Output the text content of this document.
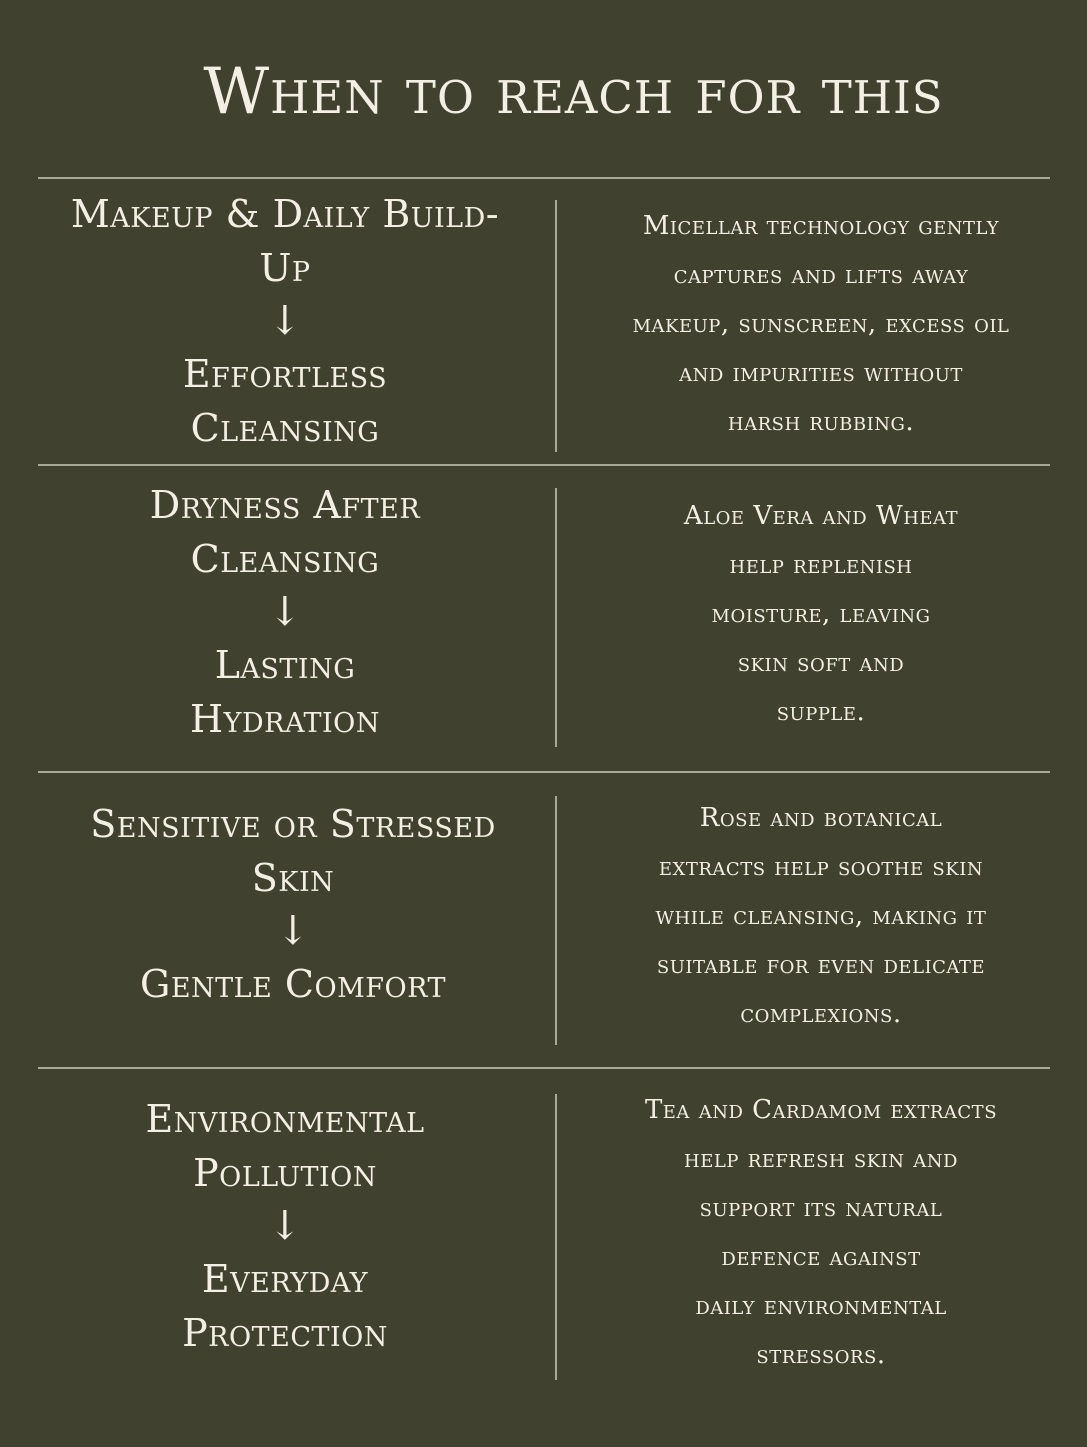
When to reach for this
Makeup & Daily Build-
Up
↓
Effortless
Cleansing
Micellar technology gently
captures and lifts away
makeup, sunscreen, excess oil
and impurities without
harsh rubbing.
Dryness After
Cleansing
↓
Lasting
Hydration
Aloe Vera and Wheat
help replenish
moisture, leaving
skin soft and
supple.
Sensitive or Stressed
Skin
↓
Gentle Comfort
Rose and botanical
extracts help soothe skin
while cleansing, making it
suitable for even delicate
complexions.
Environmental
Pollution
↓
Everyday
Protection
Tea and Cardamom extracts
help refresh skin and
support its natural
defence against
daily environmental
stressors.
